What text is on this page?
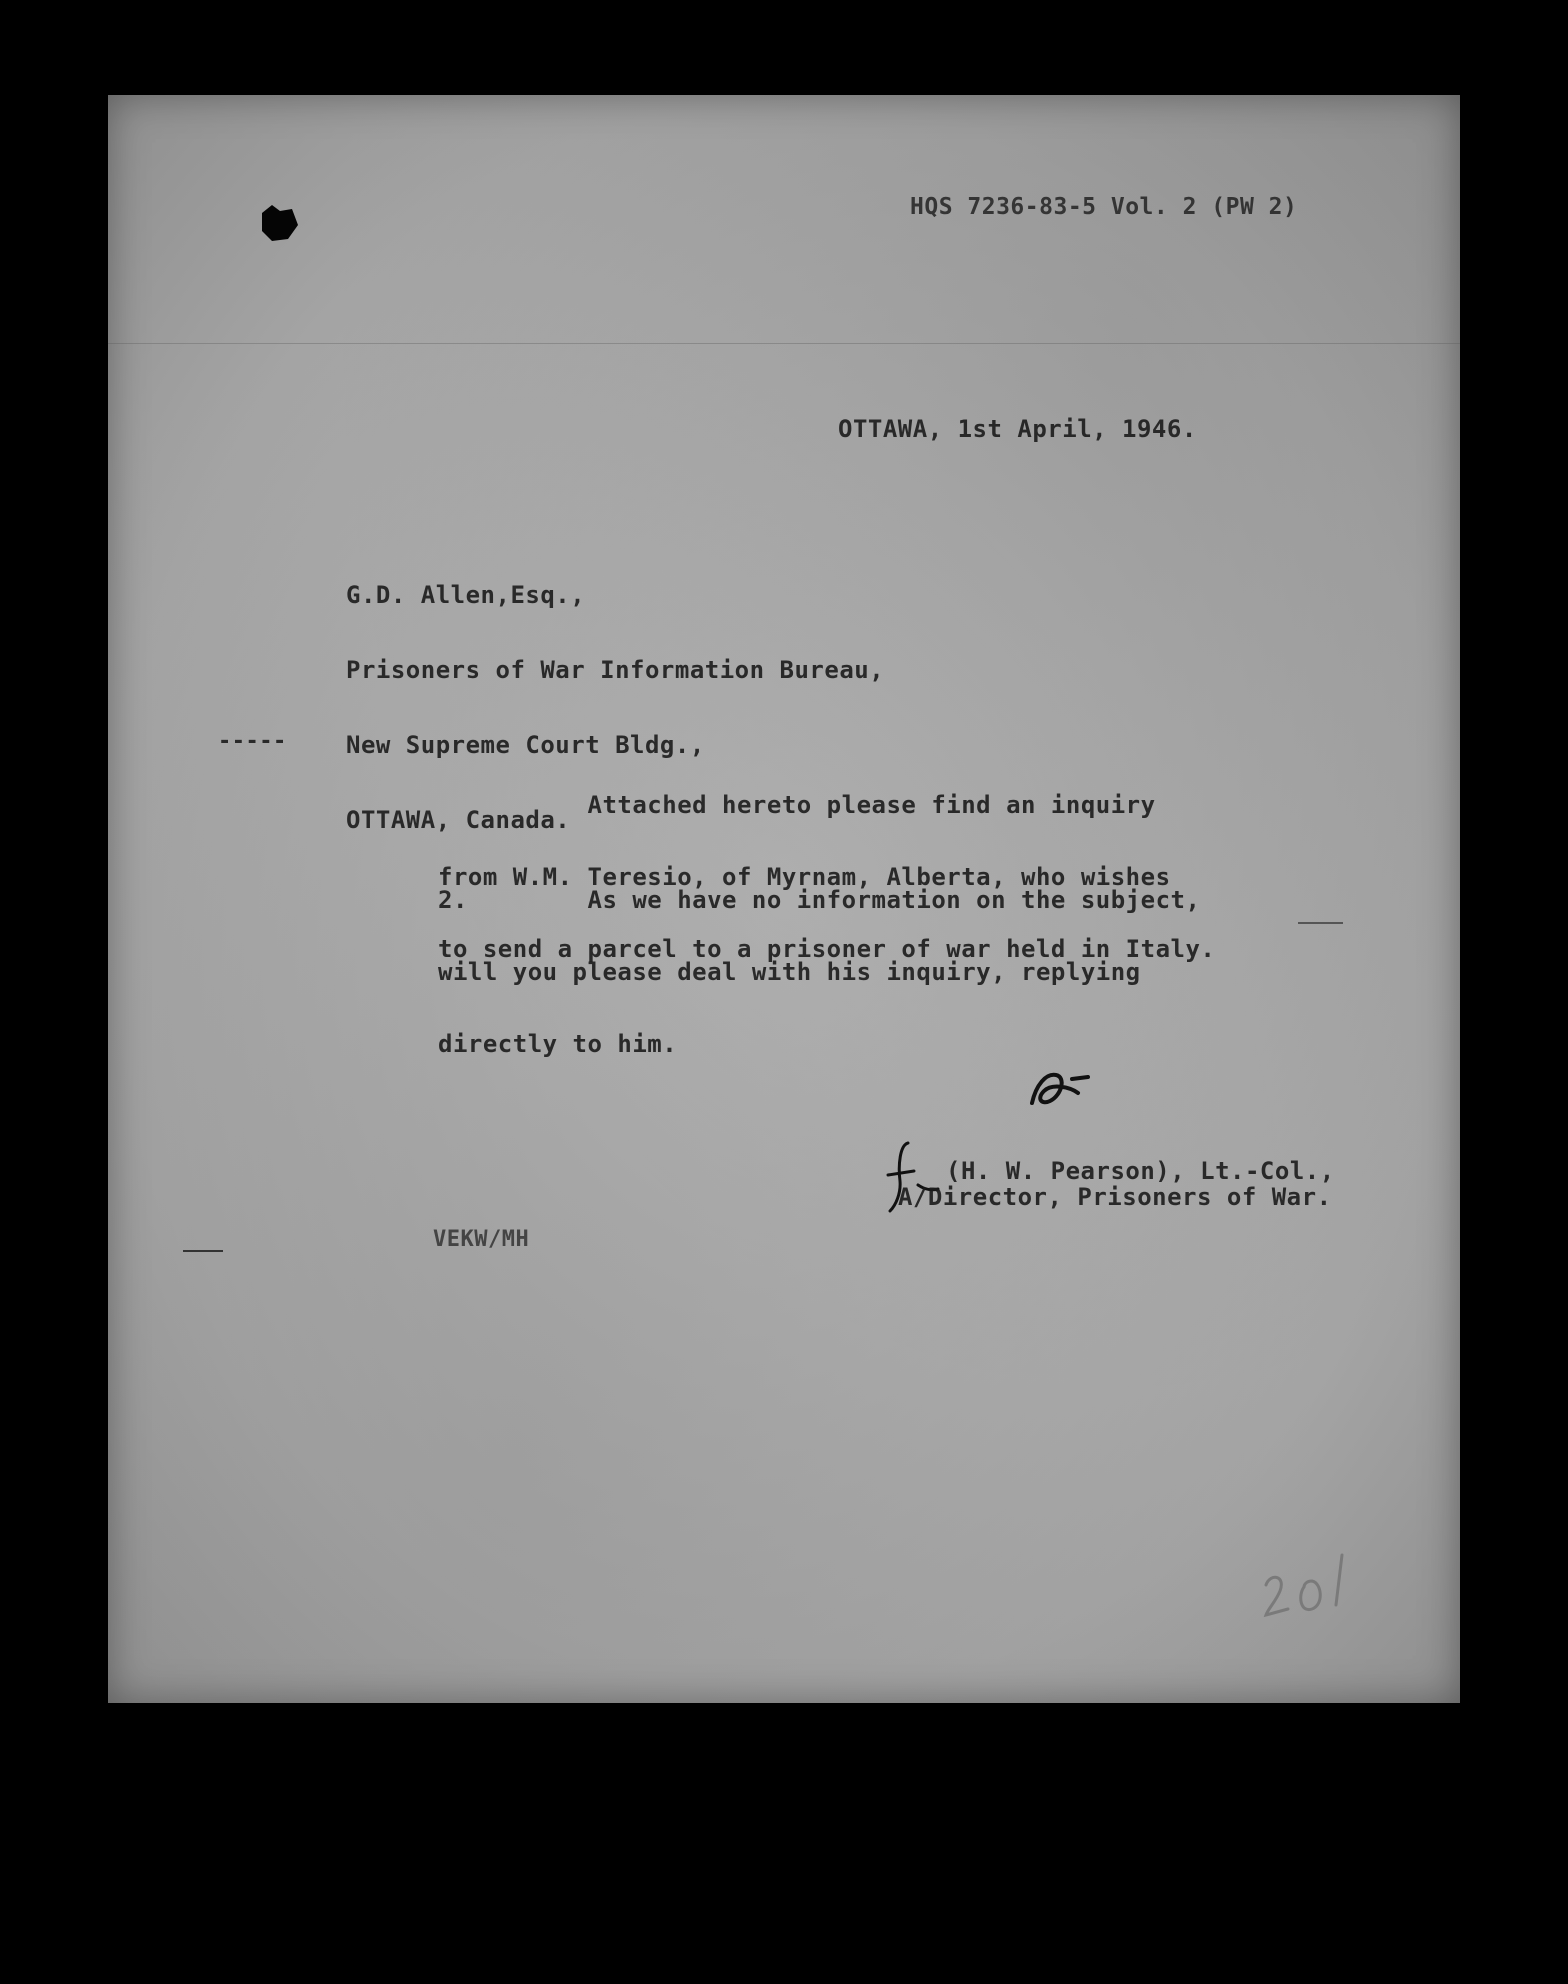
HQS 7236-83-5 Vol. 2 (PW 2)
OTTAWA, 1st April, 1946.

G.D. Allen,Esq.,

Prisoners of War Information Bureau,

New Supreme Court Bldg.,

OTTAWA, Canada.

-----

Attached hereto please find an inquiry

from W.M. Teresio, of Myrnam, Alberta, who wishes

to send a parcel to a prisoner of war held in Italy.

2.        As we have no information on the subject,

will you please deal with his inquiry, replying

directly to him.

(H. W. Pearson), Lt.-Col.,
A/Director, Prisoners of War.
VEKW/MH
